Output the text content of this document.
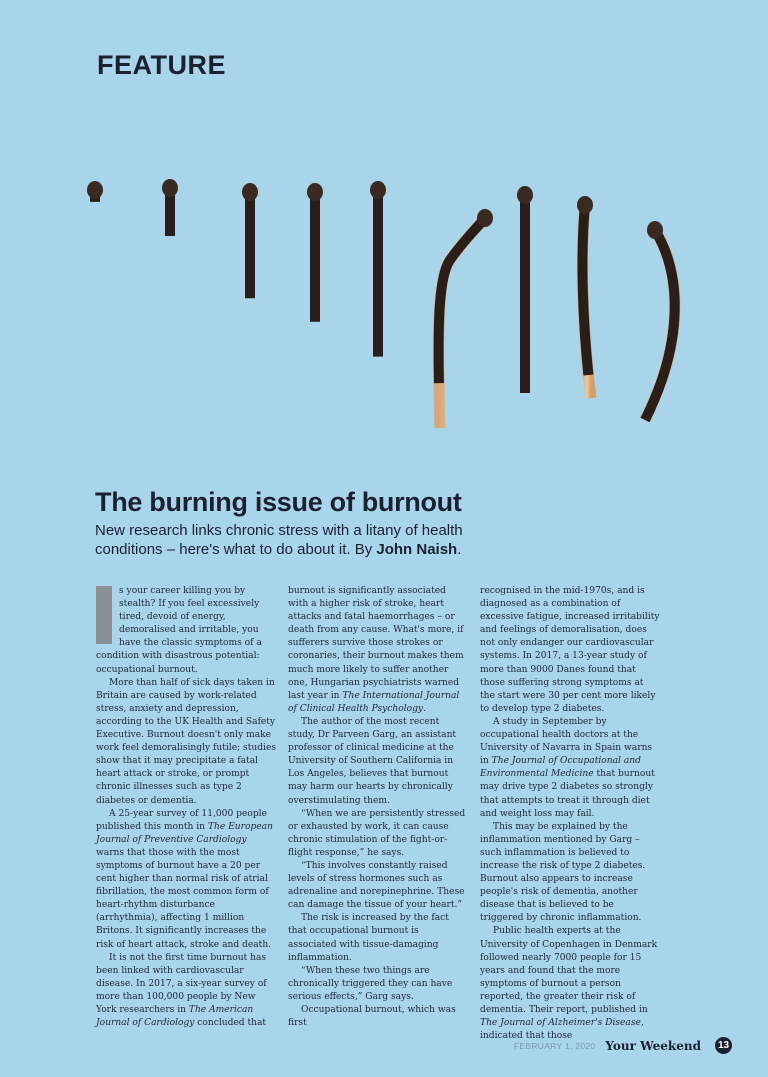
FEATURE
The burning issue of burnout
New research links chronic stress with a litany of health conditions – here's what to do about it. By John Naish.

s your career killing you by stealth? If you feel excessively tired, devoid of energy, demoralised and irritable, you have the classic symptoms of a condition with disastrous potential: occupational burnout.

More than half of sick days taken in Britain are caused by work-related stress, anxiety and depression, according to the UK Health and Safety Executive. Burnout doesn't only make work feel demoralisingly futile; studies show that it may precipitate a fatal heart attack or stroke, or prompt chronic illnesses such as type 2 diabetes or dementia.

A 25-year survey of 11,000 people published this month in The European Journal of Preventive Cardiology warns that those with the most symptoms of burnout have a 20 per cent higher than normal risk of atrial fibrillation, the most common form of heart-rhythm disturbance (arrhythmia), affecting 1 million Britons. It significantly increases the risk of heart attack, stroke and death.

It is not the first time burnout has been linked with cardiovascular disease. In 2017, a six-year survey of more than 100,000 people by New York researchers in The American Journal of Cardiology concluded that

burnout is significantly associated with a higher risk of stroke, heart attacks and fatal haemorrhages – or death from any cause. What's more, if sufferers survive those strokes or coronaries, their burnout makes them much more likely to suffer another one, Hungarian psychiatrists warned last year in The International Journal of Clinical Health Psychology.

The author of the most recent study, Dr Parveen Garg, an assistant professor of clinical medicine at the University of Southern California in Los Angeles, believes that burnout may harm our hearts by chronically overstimulating them.

“When we are persistently stressed or exhausted by work, it can cause chronic stimulation of the fight-or-flight response,” he says.

“This involves constantly raised levels of stress hormones such as adrenaline and norepinephrine. These can damage the tissue of your heart.”

The risk is increased by the fact that occupational burnout is associated with tissue-damaging inflammation.

“When these two things are chronically triggered they can have serious effects,” Garg says.

Occupational burnout, which was first

recognised in the mid-1970s, and is diagnosed as a combination of excessive fatigue, increased irritability and feelings of demoralisation, does not only endanger our cardiovascular systems. In 2017, a 13-year study of more than 9000 Danes found that those suffering strong symptoms at the start were 30 per cent more likely to develop type 2 diabetes.

A study in September by occupational health doctors at the University of Navarra in Spain warns in The Journal of Occupational and Environmental Medicine that burnout may drive type 2 diabetes so strongly that attempts to treat it through diet and weight loss may fail.

This may be explained by the inflammation mentioned by Garg – such inflammation is believed to increase the risk of type 2 diabetes. Burnout also appears to increase people's risk of dementia, another disease that is believed to be triggered by chronic inflammation.

Public health experts at the University of Copenhagen in Denmark followed nearly 7000 people for 15 years and found that the more symptoms of burnout a person reported, the greater their risk of dementia. Their report, published in The Journal of Alzheimer's Disease, indicated that those

FEBRUARY 1, 2020 Your Weekend 13
